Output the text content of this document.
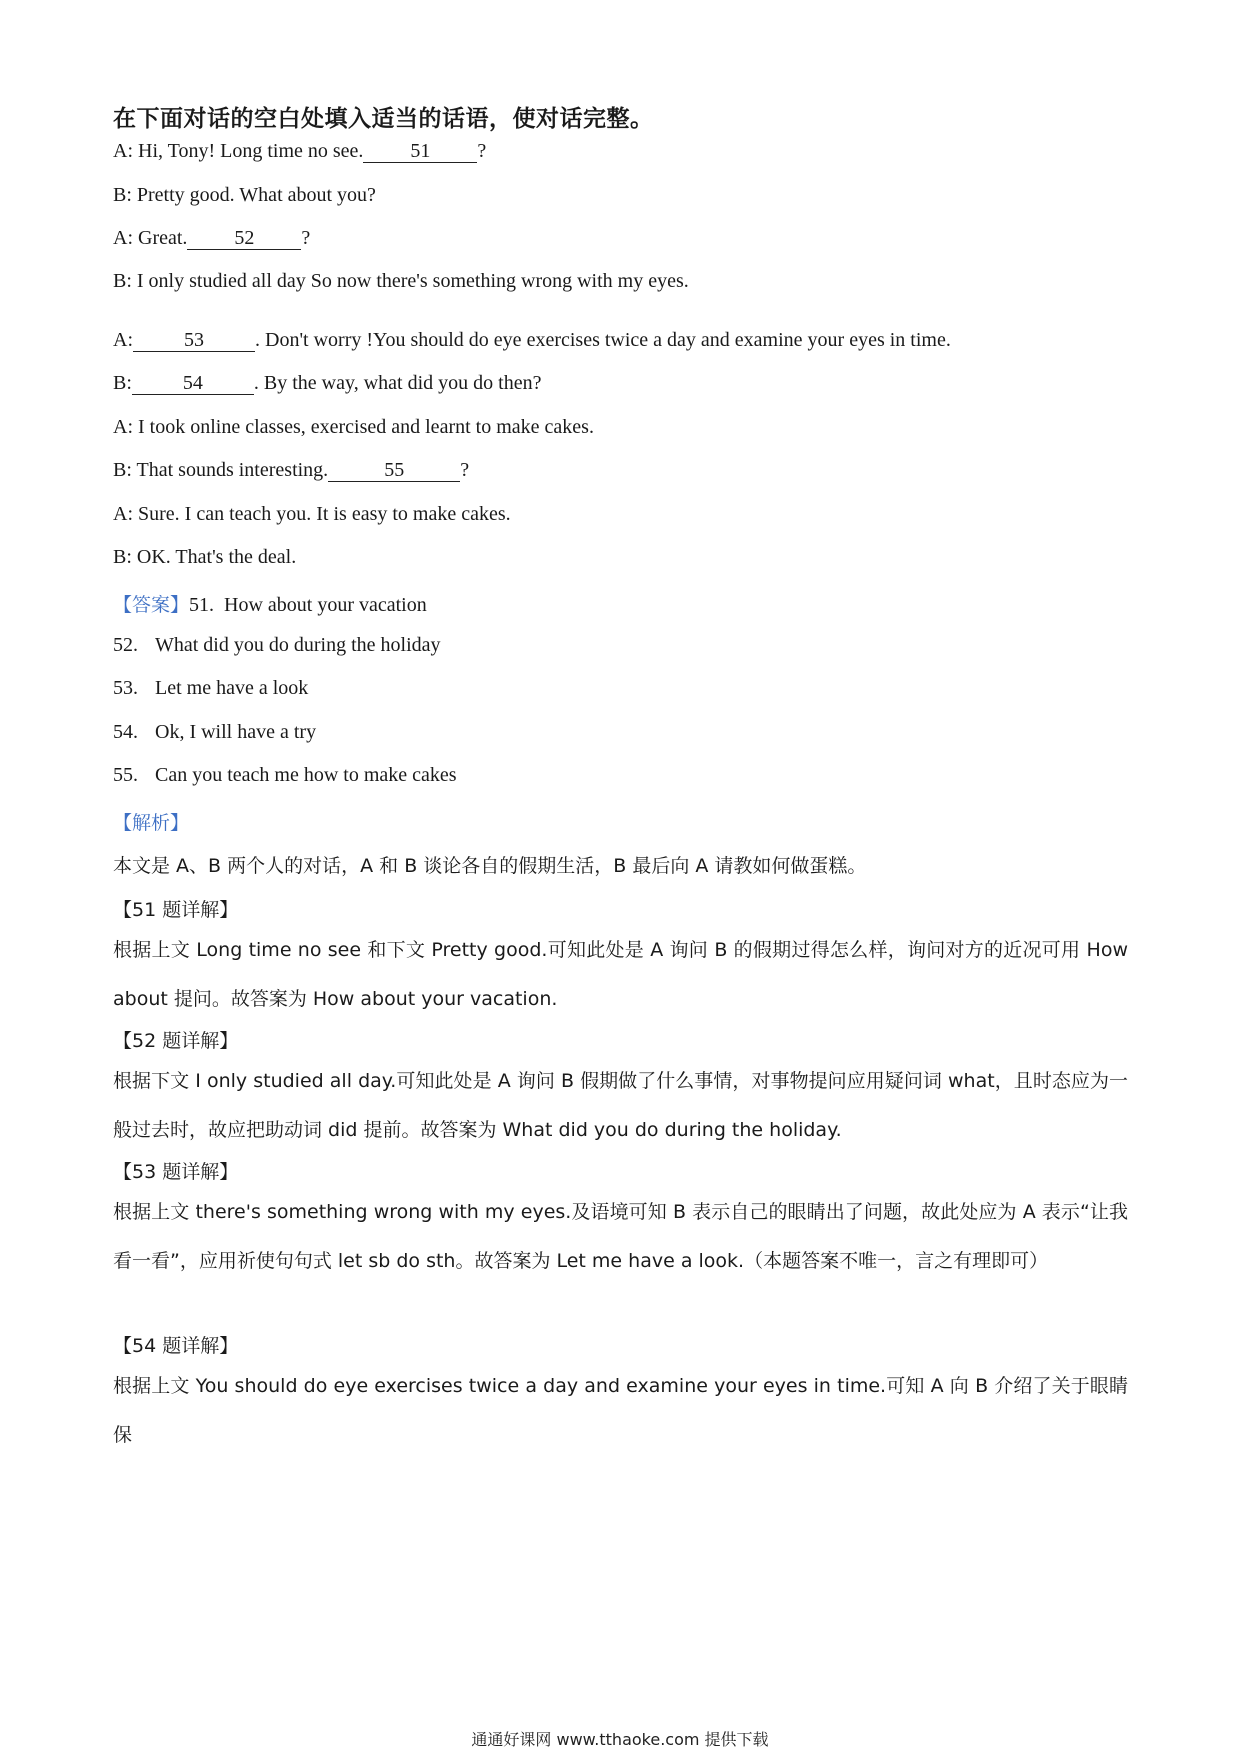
在下面对话的空白处填入适当的话语，使对话完整。
A: Hi, Tony! Long time no see. 51 ?
B: Pretty good. What about you?
A: Great. 52 ?
B: I only studied all day So now there's something wrong with my eyes.
A:	53	. Don't worry !You should do eye exercises twice a day and examine your eyes in time.
B:	54	. By the way, what did you do then?
A: I took online classes, exercised and learnt to make cakes.
B: That sounds interesting.	55	?
A: Sure. I can teach you. It is easy to make cakes.
B: OK. That's the deal.
【答案】51. How about your vacation
52. What did you do during the holiday
53. Let me have a look
54. Ok, I will have a try
55. Can you teach me how to make cakes
【解析】
本文是 A、B 两个人的对话，A 和 B 谈论各自的假期生活，B 最后向 A 请教如何做蛋糕。
【51 题详解】
根据上文 Long time no see 和下文 Pretty good.可知此处是 A 询问 B 的假期过得怎么样，询问对方的近况可用 How about 提问。故答案为 How about your vacation.
【52 题详解】
根据下文 I only studied all day.可知此处是 A 询问 B 假期做了什么事情，对事物提问应用疑问词 what，且时态应为一般过去时，故应把助动词 did 提前。故答案为 What did you do during the holiday.
【53 题详解】
根据上文 there's something wrong with my eyes.及语境可知 B 表示自己的眼睛出了问题，故此处应为 A 表示“让我看一看”，应用祈使句句式 let sb do sth。故答案为 Let me have a look.（本题答案不唯一，言之有理即可）
【54 题详解】
根据上文 You should do eye exercises twice a day and examine your eyes in time.可知 A 向 B 介绍了关于眼睛保
通通好课网 www.tthaoke.com 提供下载
